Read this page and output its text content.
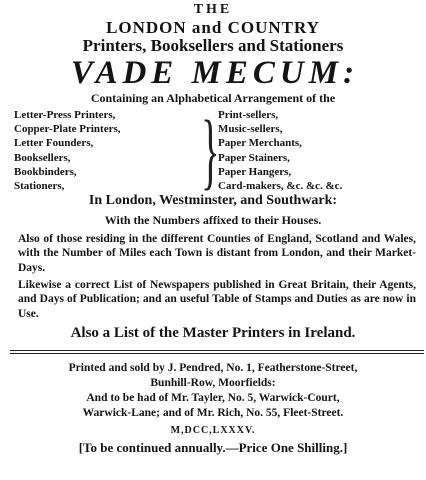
THE
LONDON and COUNTRY
Printers, Booksellers and Stationers
VADE MECUM:
Containing an Alphabetical Arrangement of the
Letter-Press Printers,
Copper-Plate Printers,
Letter Founders,
Booksellers,
Bookbinders,
Stationers,	}
Print-sellers,
Music-sellers,
Paper Merchants,
Paper Stainers,
Paper Hangers,
Card-makers, &c. &c. &c.
In London, Westminster, and Southwark:
With the Numbers affixed to their Houses.
Also of those residing in the different Counties of England, Scotland and Wales, with the Number of Miles each Town is distant from London, and their Market-Days.
Likewise a correct List of Newspapers published in Great Britain, their Agents, and Days of Publication; and an useful Table of Stamps and Duties as are now in Use.
Also a List of the Master Printers in Ireland.
Printed and sold by J. Pendred, No. 1, Featherstone-Street,
Bunhill-Row, Moorfields:
And to be had of Mr. Tayler, No. 5, Warwick-Court,
Warwick-Lane; and of Mr. Rich, No. 55, Fleet-Street.
M,DCC,LXXXV.
[To be continued annually.—Price One Shilling.]
